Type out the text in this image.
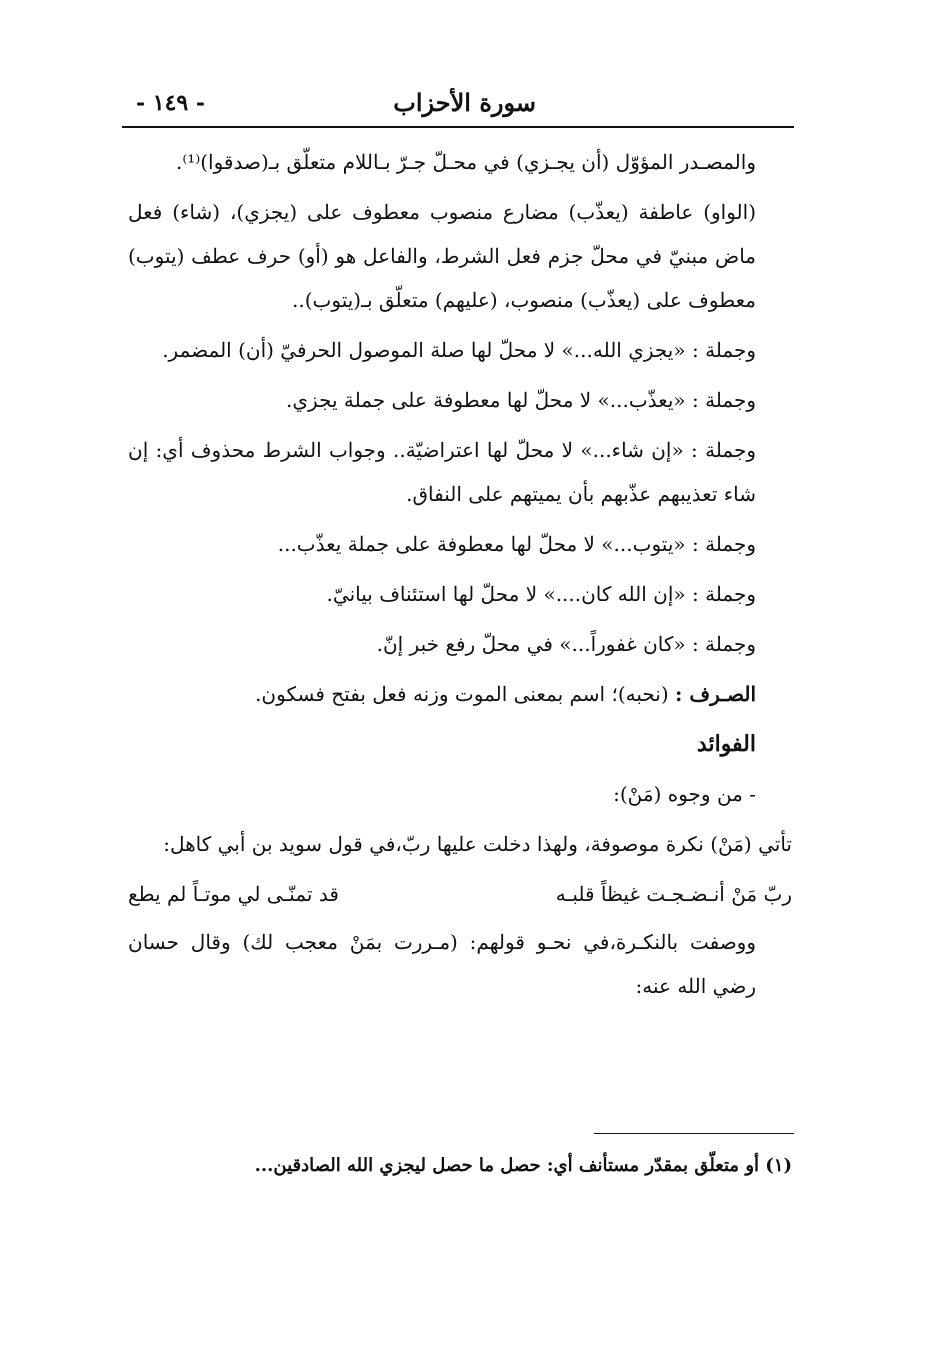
سورة الأحزاب
- ١٤٩ -

والمصـدر المؤوّل (أن يجـزي) في محـلّ جـرّ بـاللام متعلّق بـ(صدقوا)⁽¹⁾.

(الواو) عاطفة (يعذّب) مضارع منصوب معطوف على (يجزي)، (شاء) فعل ماض مبنيّ في محلّ جزم فعل الشرط، والفاعل هو (أو) حرف عطف (يتوب) معطوف على (يعذّب) منصوب، (عليهم) متعلّق بـ(يتوب)..

وجملة : «يجزي الله...» لا محلّ لها صلة الموصول الحرفيّ (أن) المضمر.

وجملة : «يعذّب...» لا محلّ لها معطوفة على جملة يجزي.

وجملة : «إن شاء...» لا محلّ لها اعتراضيّة.. وجواب الشرط محذوف أي: إن شاء تعذيبهم عذّبهم بأن يميتهم على النفاق.

وجملة : «يتوب...» لا محلّ لها معطوفة على جملة يعذّب...

وجملة : «إن الله كان....» لا محلّ لها استئناف بيانيّ.

وجملة : «كان غفوراً...» في محلّ رفع خبر إنّ.

الصـرف : (نحبه)؛ اسم بمعنى الموت وزنه فعل بفتح فسكون.

الفوائد

- من وجوه (مَنْ):

تأتي (مَنْ) نكرة موصوفة، ولهذا دخلت عليها ربّ،في قول سويد بن أبي كاهل:

ربّ مَنْ أنـضـجـت غيظاً قلبـه
قد تمنّـى لي موتـاً لم يطع

ووصفت بالنكـرة،في نحـو قولهم: (مـررت بمَنْ معجب لك) وقال حسان رضي الله عنه:

(١) أو متعلّق بمقدّر مستأنف أي: حصل ما حصل ليجزي الله الصادقين...
